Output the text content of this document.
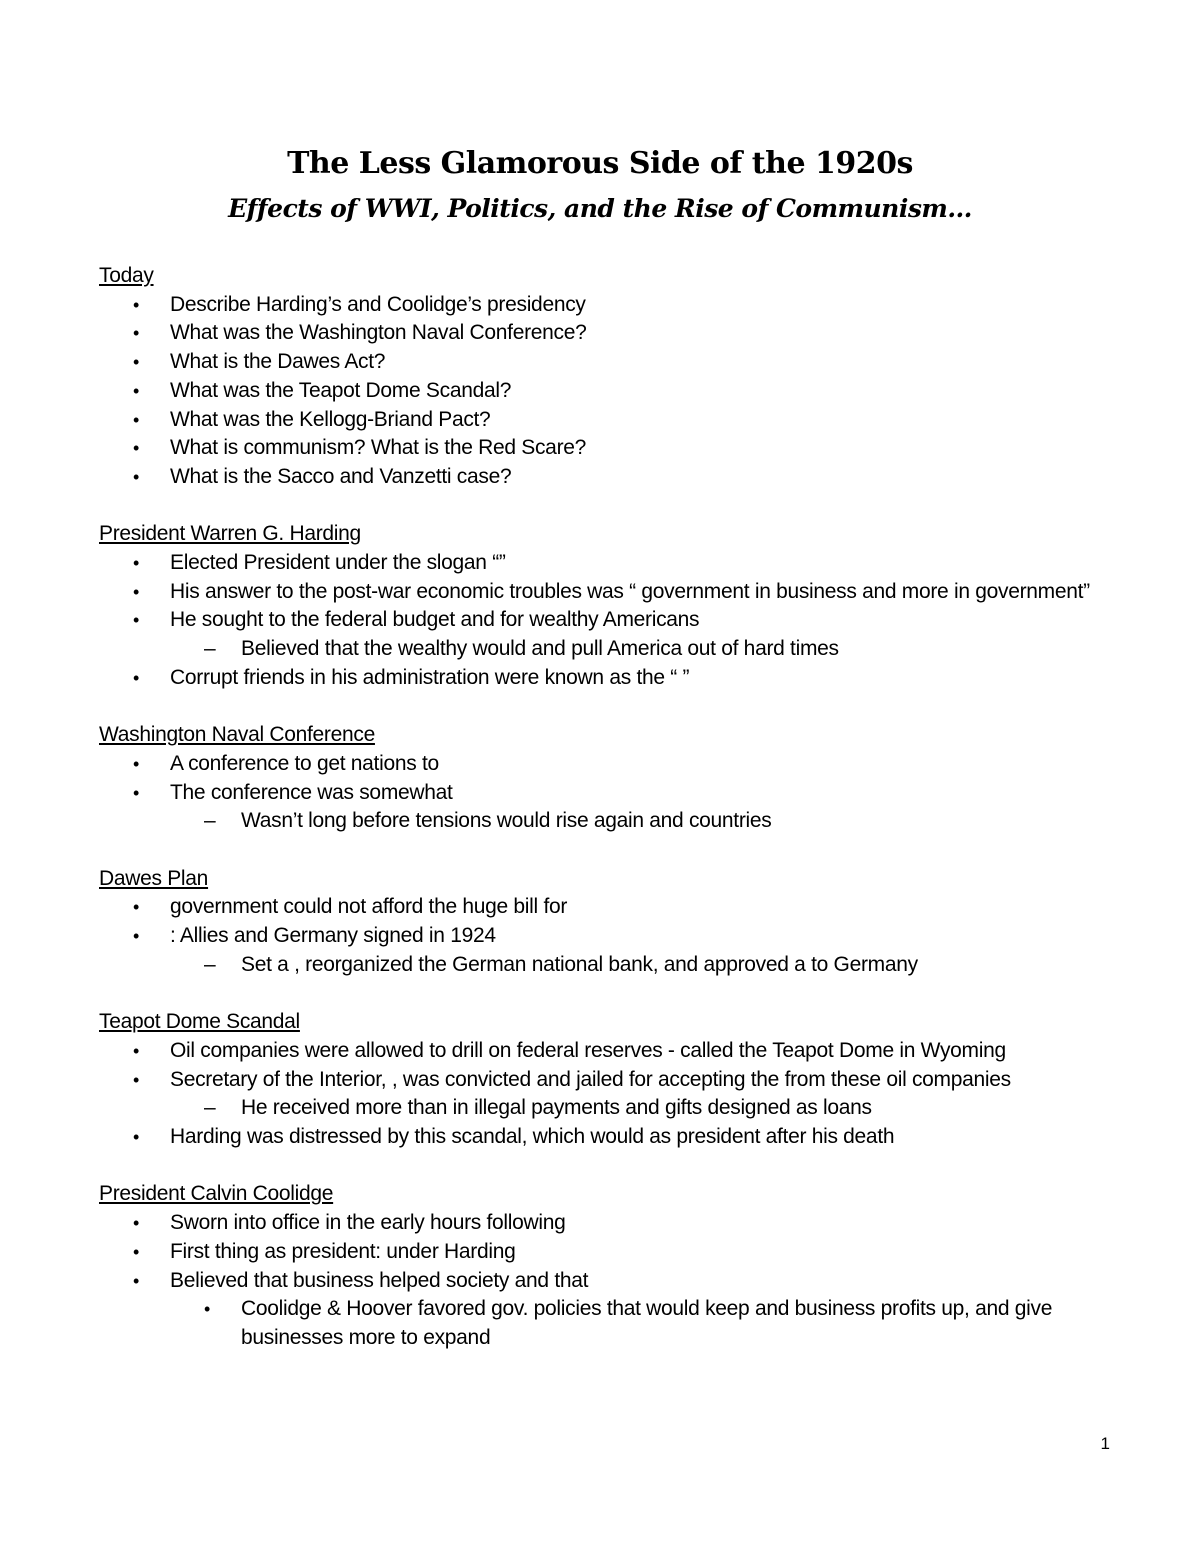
The Less Glamorous Side of the 1920s
Effects of WWI, Politics, and the Rise of Communism…
Today
• Describe Harding’s and Coolidge’s presidency
• What was the Washington Naval Conference?
• What is the Dawes Act?
• What was the Teapot Dome Scandal?
• What was the Kellogg-Briand Pact?
• What is communism? What is the Red Scare?
• What is the Sacco and Vanzetti case?
President Warren G. Harding
• Elected President under the slogan “”
• His answer to the post-war economic troubles was “ government in business and more in government”
• He sought to the federal budget and for wealthy Americans
– Believed that the wealthy would and pull America out of hard times
• Corrupt friends in his administration were known as the “ ”
Washington Naval Conference
• A conference to get nations to
• The conference was somewhat
– Wasn’t long before tensions would rise again and countries
Dawes Plan
• government could not afford the huge bill for
• : Allies and Germany signed in 1924
– Set a , reorganized the German national bank, and approved a to Germany
Teapot Dome Scandal
• Oil companies were allowed to drill on federal reserves - called the Teapot Dome in Wyoming
• Secretary of the Interior, , was convicted and jailed for accepting the from these oil companies
– He received more than in illegal payments and gifts designed as loans
• Harding was distressed by this scandal, which would as president after his death
President Calvin Coolidge
• Sworn into office in the early hours following
• First thing as president: under Harding
• Believed that business helped society and that
• Coolidge & Hoover favored gov. policies that would keep and business profits up, and give businesses more to expand
1
